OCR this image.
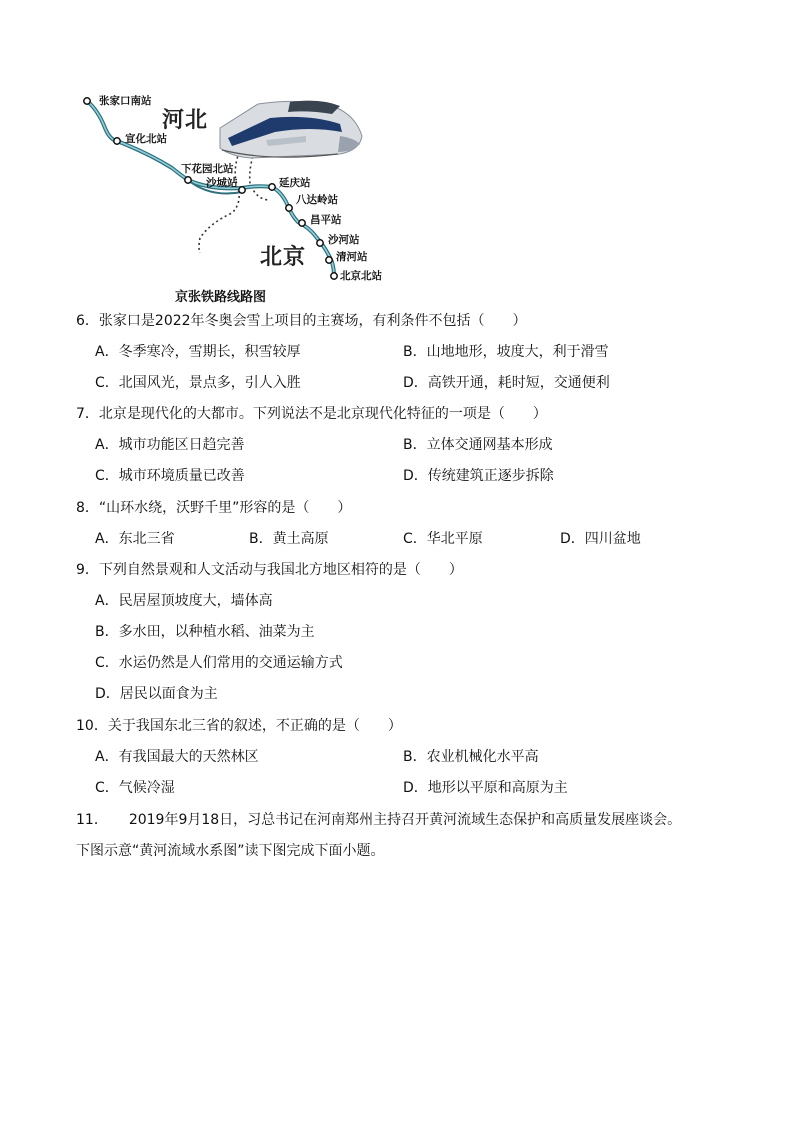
张家口南站
宣化北站
下花园北站
沙城站	延庆站
八达岭站
昌平站
沙河站
清河站
北京北站
河北
北京
京张铁路线路图
6．张家口是2022年冬奥会雪上项目的主赛场，有利条件不包括（　　）
A．冬季寒冷，雪期长，积雪较厚	B．山地地形，坡度大，利于滑雪
C．北国风光，景点多，引人入胜	D．高铁开通，耗时短，交通便利
7．北京是现代化的大都市。下列说法不是北京现代化特征的一项是（　　）
A．城市功能区日趋完善	B．立体交通网基本形成
C．城市环境质量已改善	D．传统建筑正逐步拆除
8．“山环水绕，沃野千里”形容的是（　　）
A．东北三省	B．黄土高原	C．华北平原	D．四川盆地
9．下列自然景观和人文活动与我国北方地区相符的是（　　）
A．民居屋顶坡度大，墙体高
B．多水田，以种植水稻、油菜为主
C．水运仍然是人们常用的交通运输方式
D．居民以面食为主
10．关于我国东北三省的叙述，不正确的是（　　）
A．有我国最大的天然林区	B．农业机械化水平高
C．气候冷湿	D．地形以平原和高原为主
11．　　2019年9月18日，习总书记在河南郑州主持召开黄河流域生态保护和高质量发展座谈会。
下图示意“黄河流域水系图”读下图完成下面小题。
